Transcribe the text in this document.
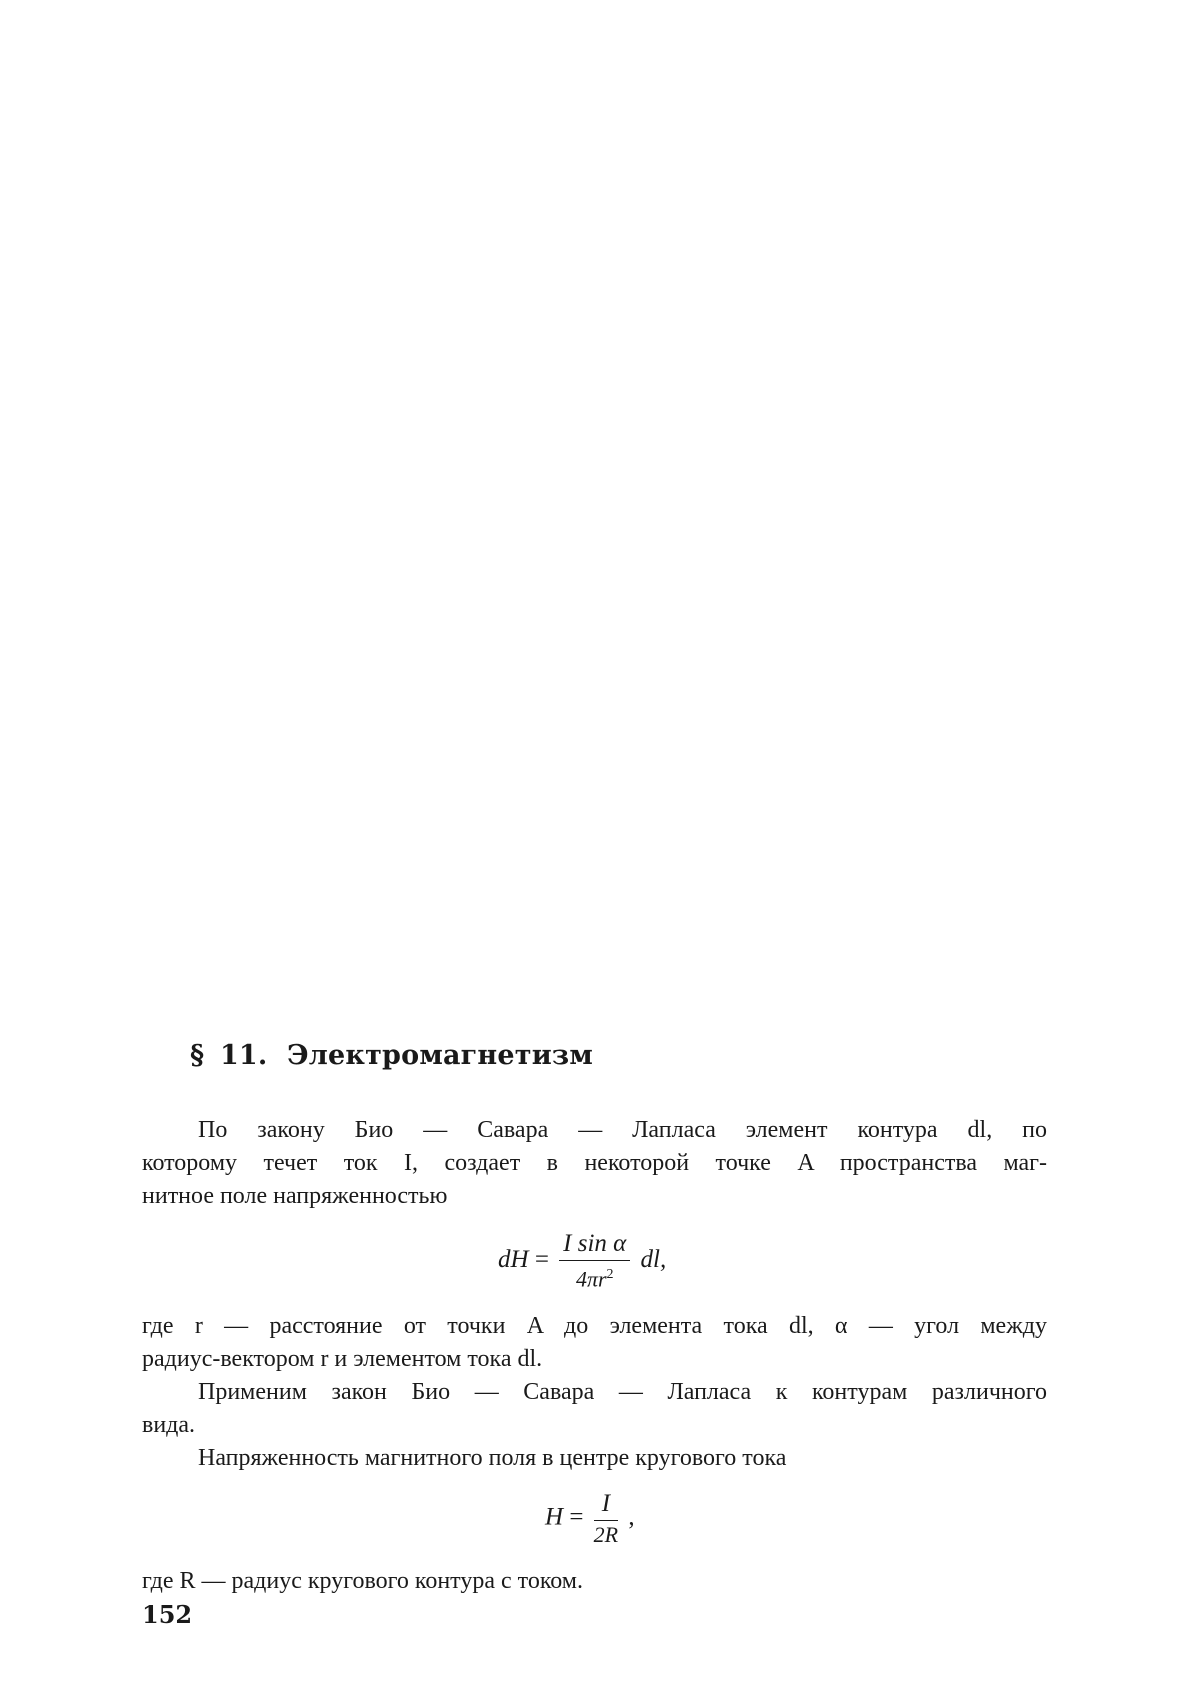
§ 11. Электромагнетизм

По закону Био — Савара — Лапласа элемент контура dl, по

которому течет ток I, создает в некоторой точке A пространства маг-

нитное поле напряженностью

dH = $\frac{\text{I sin α}}{4\pi r^2}$ dl,

где r — расстояние от точки A до элемента тока dl, α — угол между

радиус-вектором r и элементом тока dl.

Применим закон Био — Савара — Лапласа к контурам различного

вида.

Напряженность магнитного поля в центре кругового тока

$H = \frac{I}{2R}$ ,

где R — радиус кругового контура с током.

152
